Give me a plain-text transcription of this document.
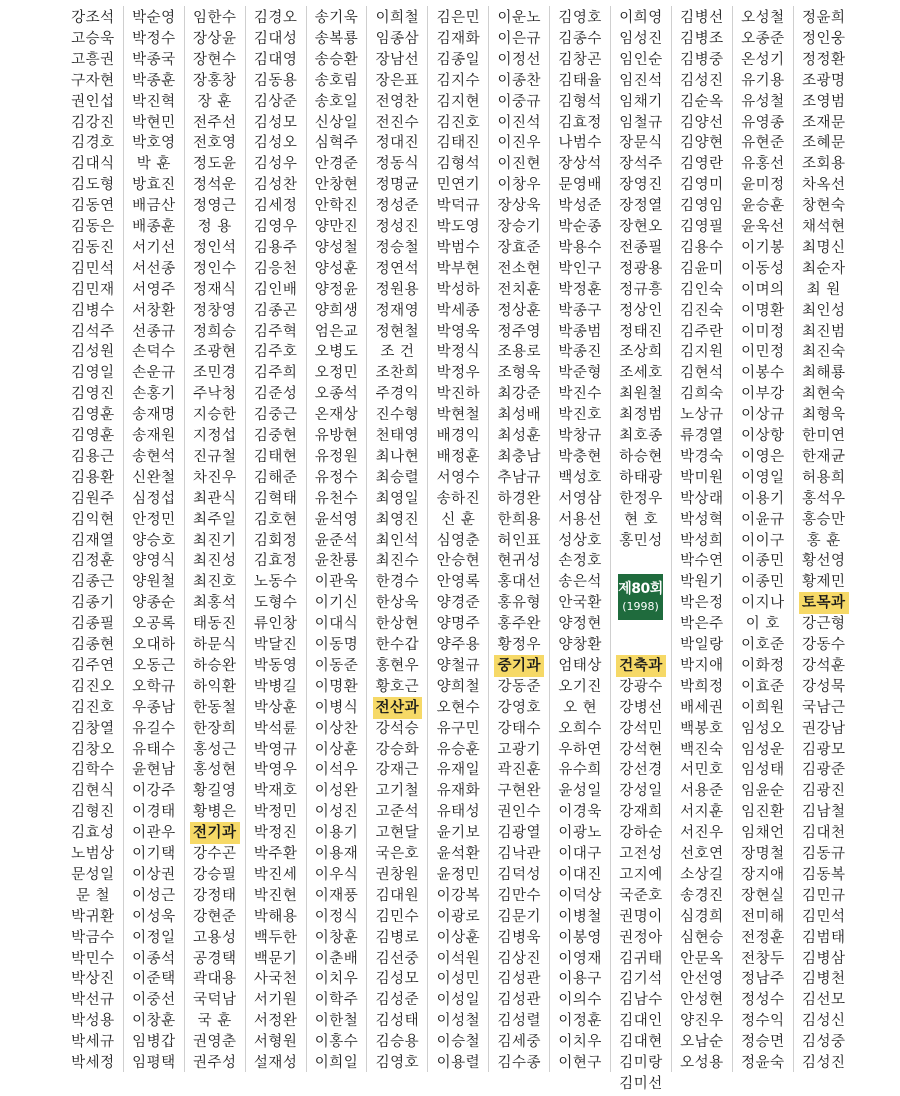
강조석
고승욱
고흥권
구자현
권인섭
김강진
김경호
김대식
김도형
김동연
김동은
김동진
김민석
김민재
김병수
김석주
김성원
김영일
김영진
김영훈
김영훈
김용근
김용환
김원주
김익현
김재열
김정훈
김종근
김종기
김종필
김종현
김주연
김진오
김진호
김창열
김창오
김학수
김현식
김형진
김효성
노범상
문성일
문 철
박귀환
박금수
박민수
박상진
박선규
박성용
박세규
박세정
박순영
박정수
박종국
박종훈
박진혁
박현민
박호영
박 훈
방효진
배금산
배종훈
서기선
서선종
서영주
서창환
선종규
손덕수
손운규
손홍기
송재명
송재원
송현석
신완철
심정섭
안정민
양승호
양영식
양원철
양종순
오공록
오대하
오동근
오학규
우종남
유길수
유태수
윤현남
이강주
이경태
이관우
이기택
이상권
이성근
이성욱
이정일
이종석
이준택
이중선
이창훈
임병갑
임평택
임한수
장상윤
장현수
장홍창
장 훈
전주선
전호영
정도윤
정석운
정영근
정 용
정인석
정인수
정재식
정창영
정희승
조광현
조민경
주낙청
지승한
지정섭
진규철
차진우
최관식
최주일
최진기
최진성
최진호
최홍석
태동진
하문식
하승완
하익환
한동철
한장희
홍성근
홍성현
황길영
황병은
전기과
강수곤
강승필
강정태
강현준
고용성
공경택
곽대용
국덕남
국 훈
권영춘
권주성
김경오
김대성
김대영
김동용
김상준
김성모
김성오
김성우
김성찬
김세정
김영우
김용주
김응천
김인배
김종곤
김주혁
김주호
김주희
김준성
김중근
김중현
김태현
김해준
김혁태
김호현
김회정
김효정
노동수
도형수
류인창
박달진
박동영
박병길
박상훈
박석륜
박영규
박영우
박재호
박정민
박정진
박주환
박진세
박진현
박해용
백두한
백문기
사국천
서기원
서정완
서형원
설재성
송기욱
송복룡
송승환
송호림
송호일
신상일
심혁주
안경준
안창현
안학진
양만진
양성철
양성훈
양정윤
양희생
엄은교
오병도
오정민
오종석
온재상
유방현
유정원
유정수
유천수
윤석영
윤준석
윤찬룡
이관욱
이기신
이대식
이동명
이동준
이명환
이병식
이상찬
이상훈
이석우
이성완
이성진
이용기
이용재
이우식
이재풍
이정식
이창훈
이춘배
이치우
이학주
이한철
이홍수
이희일
이희철
임종삼
장남선
장은표
전영찬
전진수
정대진
정동식
정명균
정성준
정성진
정승철
정연석
정원용
정재영
정현철
조 건
조찬희
주경익
진수형
천태영
최나현
최승렬
최영일
최영진
최인석
최진수
한경수
한상욱
한상현
한수갑
홍현우
황호근
전산과
강석승
강승화
강재근
고기철
고준석
고현달
국은호
권창원
김대원
김민수
김병로
김선중
김성모
김성준
김성태
김승용
김영호
김은민
김재화
김종일
김지수
김지현
김진호
김태진
김형석
민연기
박덕규
박도영
박범수
박부현
박성하
박세종
박영욱
박정식
박정우
박진하
박현철
배경익
배정훈
서영수
송하진
신 훈
심영춘
안승현
안영록
양경준
양명주
양주용
양철규
양희철
오현수
유구민
유승훈
유재일
유재화
유태성
윤기보
윤석환
윤정민
이강복
이광로
이상훈
이석원
이성민
이성일
이성철
이승철
이용렬
이운노
이은규
이정선
이종찬
이중규
이진석
이진우
이진현
이창우
장상욱
장승기
장효준
전소현
전치훈
정상훈
정주영
조용로
조형욱
최강준
최성배
최성훈
최충남
추남규
하경완
한희용
허인표
현귀성
홍대선
홍유형
홍주완
황정우
중기과
강동준
강영호
강태수
고광기
곽진훈
구현완
권인수
김광열
김낙관
김덕성
김만수
김문기
김병욱
김상진
김성관
김성관
김성렬
김세중
김수종
김영호
김종수
김창곤
김태율
김형석
김효정
나범수
장상석
문영배
박성준
박순종
박용수
박인구
박정훈
박종구
박종범
박종진
박준형
박진수
박진호
박창규
박충현
백성호
서영삼
서용선
성상호
손정호
송은석
안국환
양정현
양창환
엄태상
오기진
오 현
오희수
우하연
유수희
윤성일
이경욱
이광노
이대구
이대진
이덕상
이병철
이봉영
이영재
이용구
이의수
이정훈
이치우
이현구
이희영
임성진
임인순
임진석
임채기
임철규
장문식
장석주
장영진
장정열
장현오
전종필
정광용
정규흥
정상인
정태진
조상희
조세호
최원철
최정범
최호종
하승현
하태광
한정우
현 호
홍민성
건축과
강광수
강병선
강석민
강석현
강선경
강성일
강재희
강하순
고전성
고지예
국준호
권명이
권정아
김귀태
김기석
김남수
김대인
김대현
김미랑
김미선
김병선
김병조
김병중
김성진
김순옥
김양선
김양현
김영란
김영미
김영임
김영필
김용수
김윤미
김인숙
김진숙
김주란
김지원
김현석
김희숙
노상규
류경열
박경숙
박미원
박상래
박성혁
박성희
박수연
박원기
박은정
박은주
박일랑
박지애
박희정
배세권
백봉호
백진숙
서민호
서용준
서지훈
서진우
선호연
소상길
송경진
심경희
심현승
안문옥
안선영
안성현
양진우
오남순
오성용
오성철
오종준
온성기
유기용
유성철
유영종
유현준
유홍선
윤미정
윤승훈
윤욱선
이기봉
이동성
이며의
이명환
이미정
이민정
이봉수
이부강
이상규
이상항
이영은
이영일
이용기
이윤규
이이구
이종민
이종민
이지나
이 호
이호준
이화정
이효준
이희원
임성오
임성운
임성태
임윤순
임진환
임채언
장명철
장지애
장현실
전미해
전정훈
전창두
정남주
정성수
정수익
정승면
정윤숙
정윤희
정인웅
정정환
조광명
조영범
조재문
조혜문
조회용
차옥선
창현숙
채석현
최명신
최순자
최 원
최인성
최진범
최진숙
최해룡
최현숙
최형욱
한미연
한재균
허용희
홍석우
홍승만
홍 훈
황선영
황제민
토목과
강근형
강동수
강석훈
강성묵
국남근
권강남
김광모
김광준
김광진
김남철
김대천
김동규
김동복
김민규
김민석
김범태
김병삼
김병천
김선모
김성신
김성중
김성진
제80회
(1998)
